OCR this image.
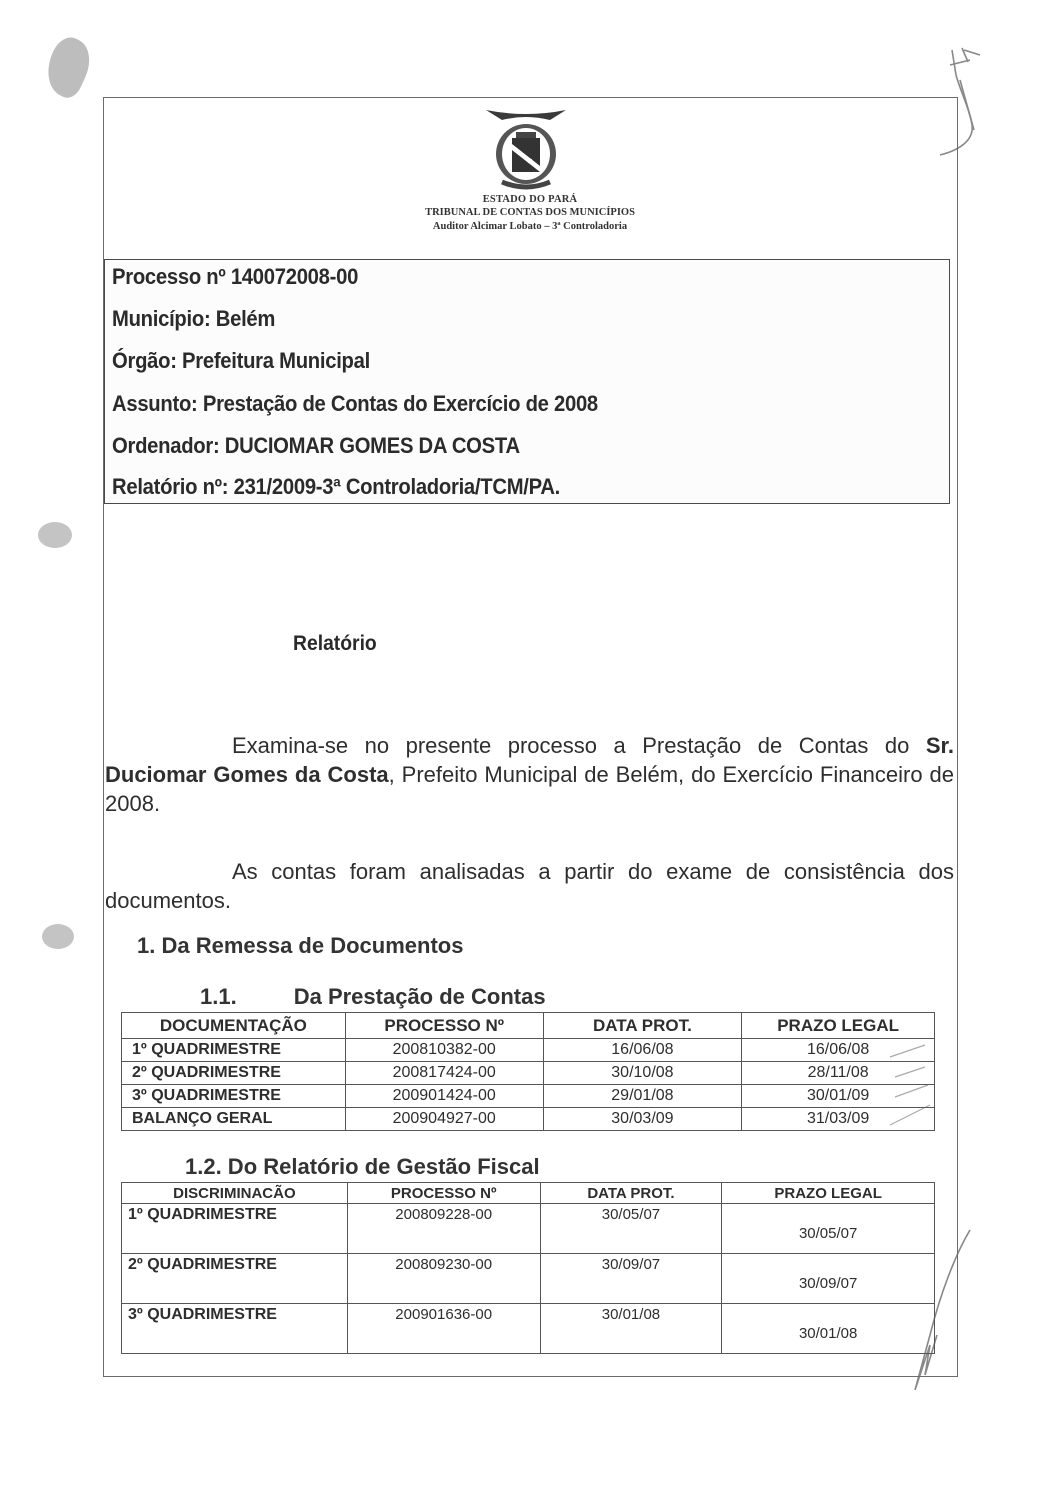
ESTADO DO PARÁ
TRIBUNAL DE CONTAS DOS MUNICÍPIOS
Auditor Alcimar Lobato – 3ª Controladoria
Processo nº 140072008-00
Município: Belém
Órgão: Prefeitura Municipal
Assunto: Prestação de Contas do Exercício de 2008
Ordenador: DUCIOMAR GOMES DA COSTA
Relatório nº: 231/2009-3ª Controladoria/TCM/PA.
Relatório
Examina-se no presente processo a Prestação de Contas do Sr. Duciomar Gomes da Costa, Prefeito Municipal de Belém, do Exercício Financeiro de 2008.
As contas foram analisadas a partir do exame de consistência dos documentos.
1. Da Remessa de Documentos
1.1.	Da Prestação de Contas
DOCUMENTAÇÃO	PROCESSO Nº	DATA PROT.	PRAZO LEGAL
1º QUADRIMESTRE	200810382-00	16/06/08	16/06/08
2º QUADRIMESTRE	200817424-00	30/10/08	28/11/08
3º QUADRIMESTRE	200901424-00	29/01/08	30/01/09
BALANÇO GERAL	200904927-00	30/03/09	31/03/09
1.2. Do Relatório de Gestão Fiscal
DISCRIMINACÃO	PROCESSO Nº	DATA PROT.	PRAZO LEGAL
1º QUADRIMESTRE	200809228-00	30/05/07	30/05/07
2º QUADRIMESTRE	200809230-00	30/09/07	30/09/07
3º QUADRIMESTRE	200901636-00	30/01/08	30/01/08
